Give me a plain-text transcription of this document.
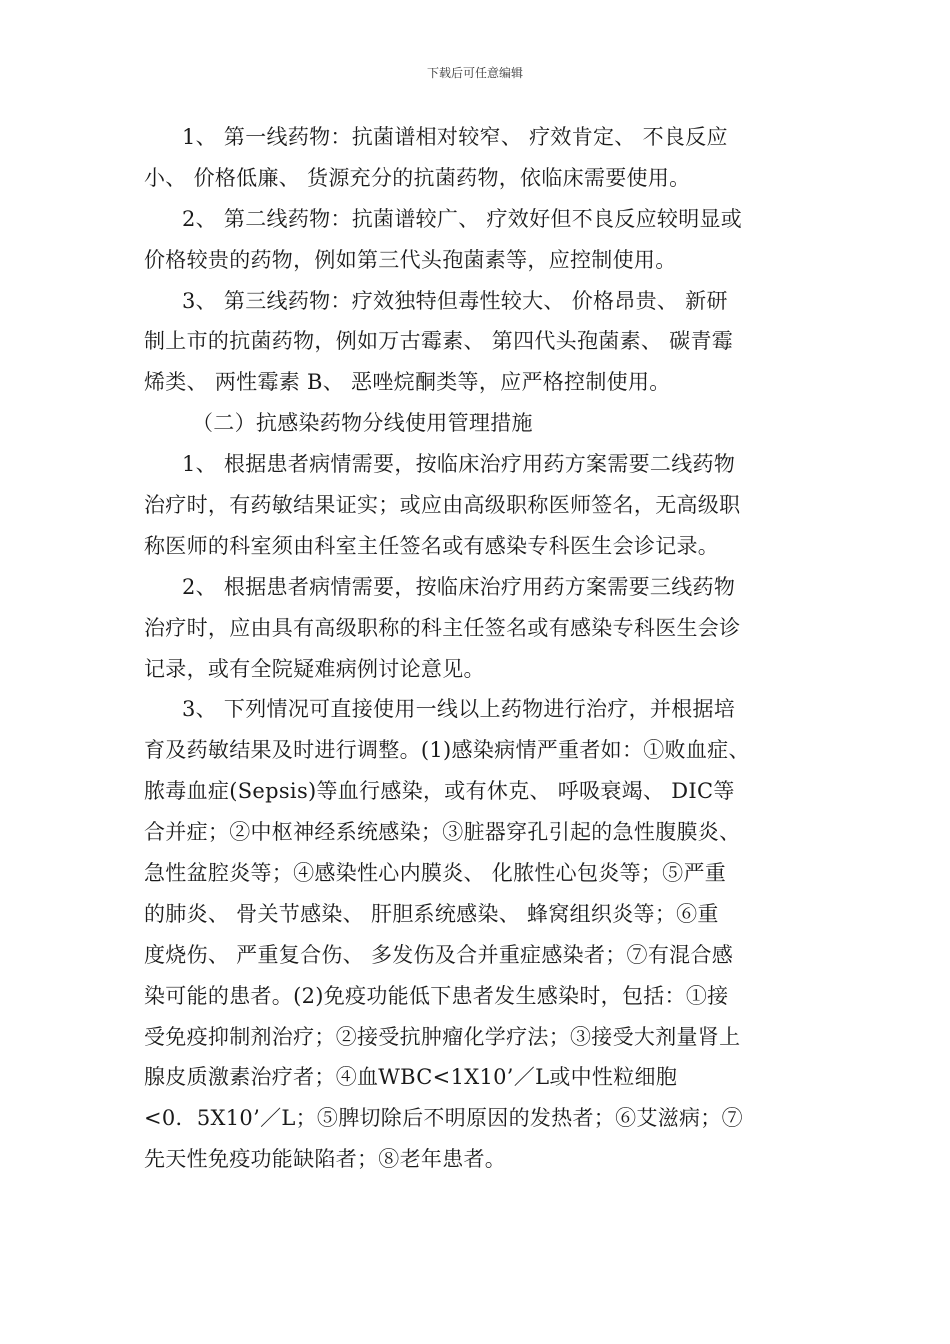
下载后可任意编辑
1、 第一线药物：抗菌谱相对较窄、 疗效肯定、 不良反应
小、 价格低廉、 货源充分的抗菌药物，依临床需要使用。
2、 第二线药物：抗菌谱较广、 疗效好但不良反应较明显或
价格较贵的药物，例如第三代头孢菌素等，应控制使用。
3、 第三线药物：疗效独特但毒性较大、 价格昂贵、 新研
制上市的抗菌药物，例如万古霉素、 第四代头孢菌素、 碳青霉
烯类、 两性霉素 B、 恶唑烷酮类等，应严格控制使用。
（二）抗感染药物分线使用管理措施
1、 根据患者病情需要，按临床治疗用药方案需要二线药物
治疗时，有药敏结果证实；或应由高级职称医师签名，无高级职
称医师的科室须由科室主任签名或有感染专科医生会诊记录。
2、 根据患者病情需要，按临床治疗用药方案需要三线药物
治疗时，应由具有高级职称的科主任签名或有感染专科医生会诊
记录，或有全院疑难病例讨论意见。
3、 下列情况可直接使用一线以上药物进行治疗，并根据培
育及药敏结果及时进行调整。(1)感染病情严重者如：①败血症、
脓毒血症(Sepsis)等血行感染，或有休克、 呼吸衰竭、 DIC等
合并症；②中枢神经系统感染；③脏器穿孔引起的急性腹膜炎、
急性盆腔炎等；④感染性心内膜炎、 化脓性心包炎等；⑤严重
的肺炎、 骨关节感染、 肝胆系统感染、 蜂窝组织炎等；⑥重
度烧伤、 严重复合伤、 多发伤及合并重症感染者；⑦有混合感
染可能的患者。(2)免疫功能低下患者发生感染时，包括：①接
受免疫抑制剂治疗；②接受抗肿瘤化学疗法；③接受大剂量肾上
腺皮质激素治疗者；④血WBC<1X10’／L或中性粒细胞
<0．5X10’／L；⑤脾切除后不明原因的发热者；⑥艾滋病；⑦
先天性免疫功能缺陷者；⑧老年患者。
